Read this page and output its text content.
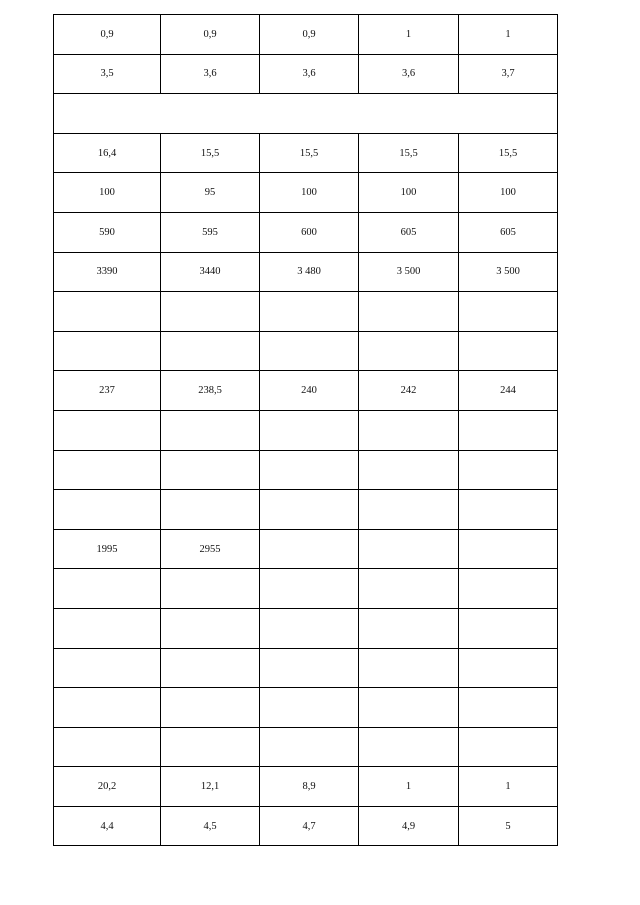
0,9	0,9	0,9	1	1
3,5	3,6	3,6	3,6	3,7

16,4	15,5	15,5	15,5	15,5
100	95	100	100	100
590	595	600	605	605
3390	3440	3 480	3 500	3 500

237	238,5	240	242	244

1995	2955			

20,2	12,1	8,9	1	1
4,4	4,5	4,7	4,9	5
